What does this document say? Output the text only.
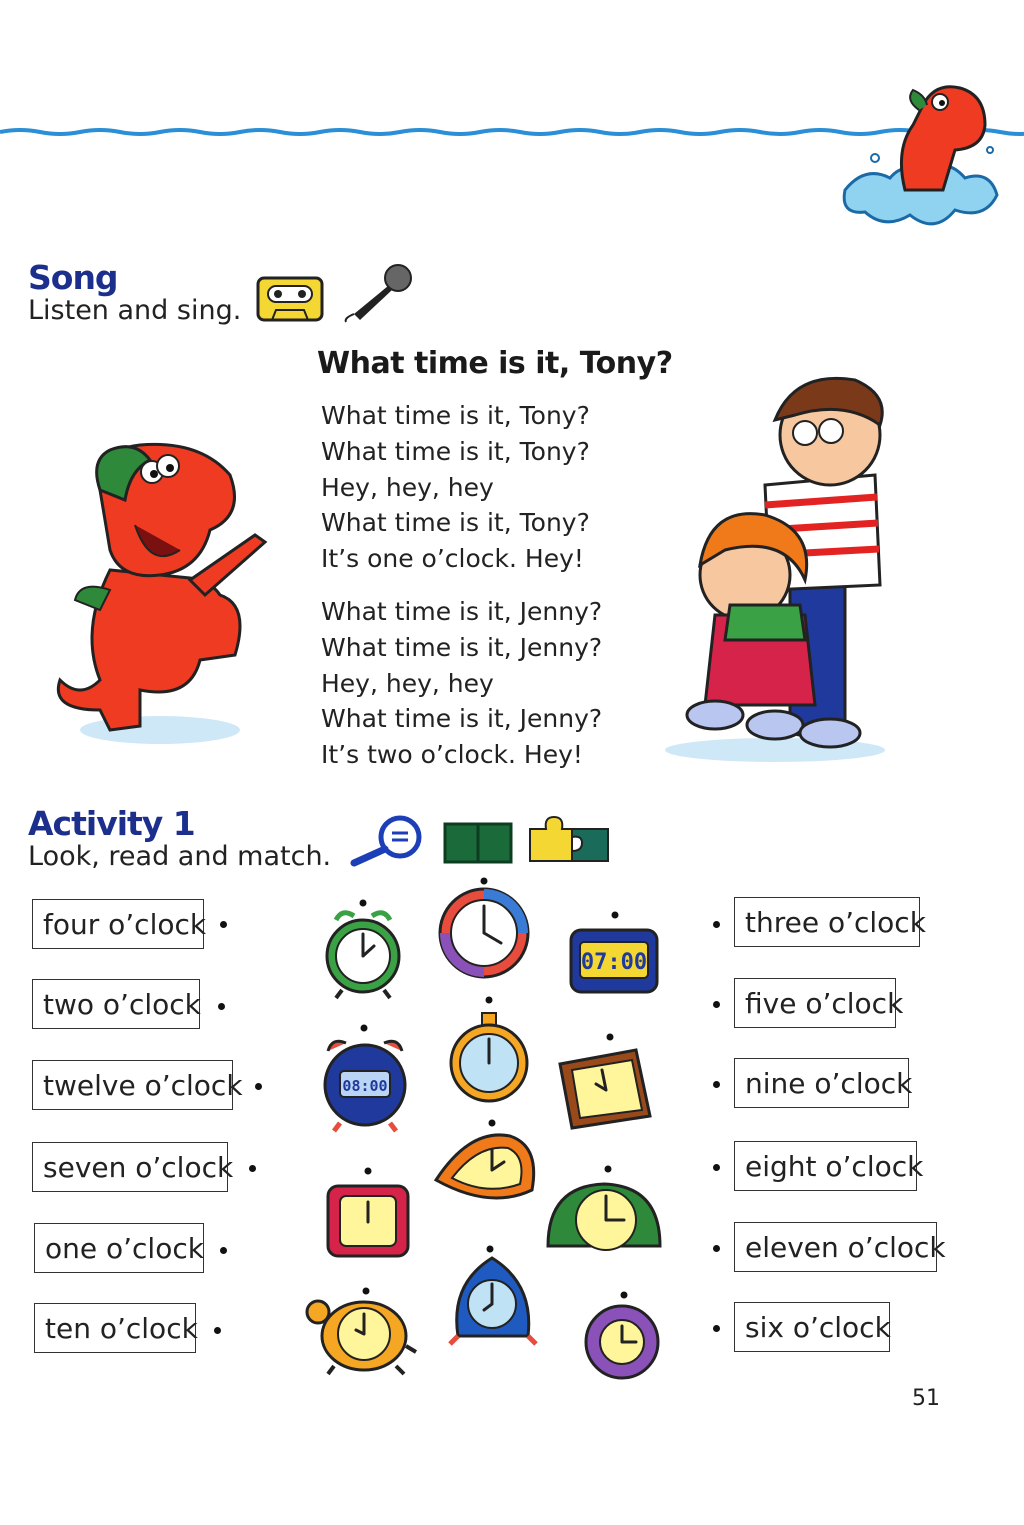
Song
Listen and sing.
What time is it, Tony?
What time is it, Tony?
What time is it, Tony?
Hey, hey, hey
What time is it, Tony?
It’s one o’clock. Hey!
What time is it, Jenny?
What time is it, Jenny?
Hey, hey, hey
What time is it, Jenny?
It’s two o’clock. Hey!
Activity 1
Look, read and match.
four o’clock
two o’clock
twelve o’clock
seven o’clock
one o’clock
ten o’clock
three o’clock
five o’clock
nine o’clock
eight o’clock
eleven o’clock
six o’clock
07:00
08:00
51
